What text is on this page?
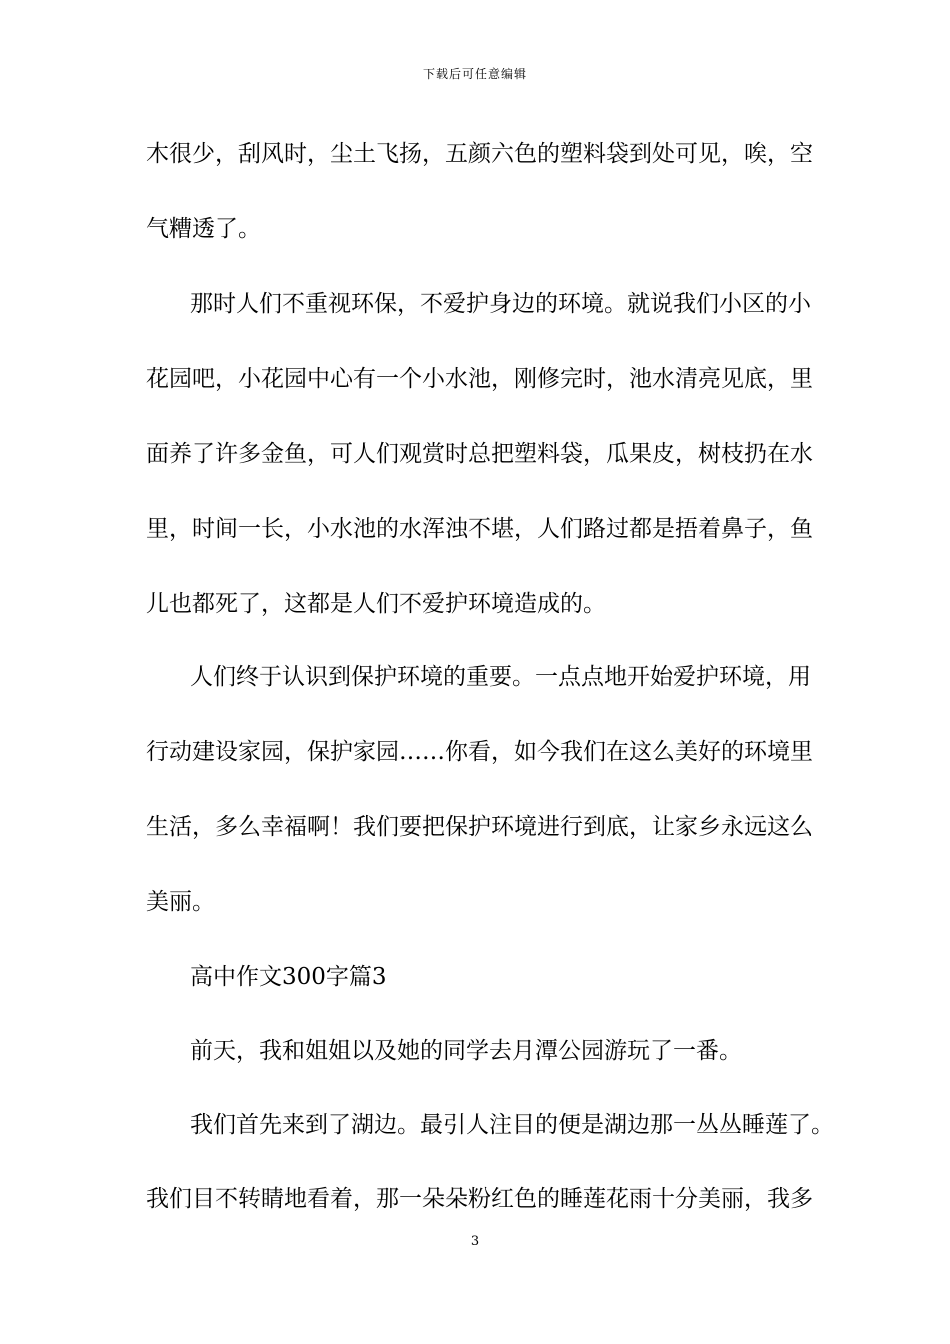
下载后可任意编辑
木很少，刮风时，尘土飞扬，五颜六色的塑料袋到处可见，唉，空
气糟透了。
那时人们不重视环保，不爱护身边的环境。就说我们小区的小
花园吧，小花园中心有一个小水池，刚修完时，池水清亮见底，里
面养了许多金鱼，可人们观赏时总把塑料袋，瓜果皮，树枝扔在水
里，时间一长，小水池的水浑浊不堪，人们路过都是捂着鼻子，鱼
儿也都死了，这都是人们不爱护环境造成的。
人们终于认识到保护环境的重要。一点点地开始爱护环境，用
行动建设家园，保护家园……你看，如今我们在这么美好的环境里
生活，多么幸福啊！我们要把保护环境进行到底，让家乡永远这么
美丽。
高中作文300字篇3
前天，我和姐姐以及她的同学去月潭公园游玩了一番。
我们首先来到了湖边。最引人注目的便是湖边那一丛丛睡莲了。
我们目不转睛地看着，那一朵朵粉红色的睡莲花雨十分美丽，我多
3
